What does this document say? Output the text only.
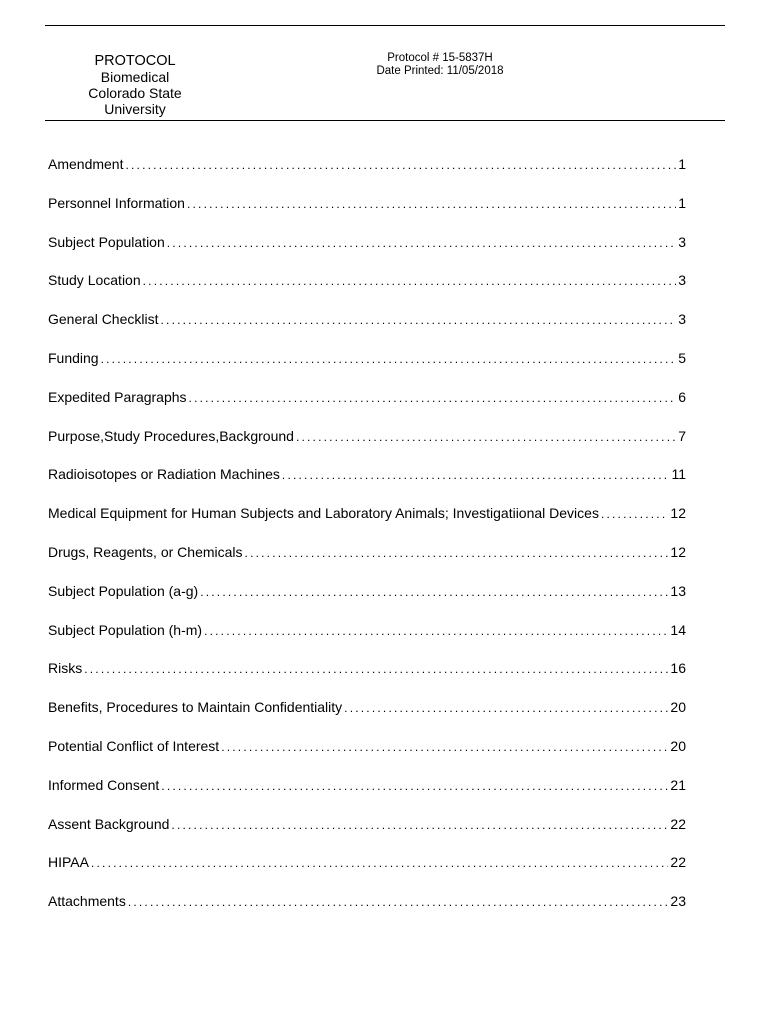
PROTOCOL
Biomedical
Colorado State
University
Protocol # 15-5837H
Date Printed: 11/05/2018
Amendment .....	1
Personnel Information .....	1
Subject Population .....	3
Study Location .....	3
General Checklist .....	3
Funding .....	5
Expedited Paragraphs .....	6
Purpose,Study Procedures,Background .....	7
Radioisotopes or Radiation Machines .....	11
Medical Equipment for Human Subjects and Laboratory Animals; Investigatiional Devices .....	12
Drugs, Reagents, or Chemicals .....	12
Subject Population (a-g) .....	13
Subject Population (h-m) .....	14
Risks .....	16
Benefits, Procedures to Maintain Confidentiality .....	20
Potential Conflict of Interest .....	20
Informed Consent .....	21
Assent Background .....	22
HIPAA .....	22
Attachments .....	23
